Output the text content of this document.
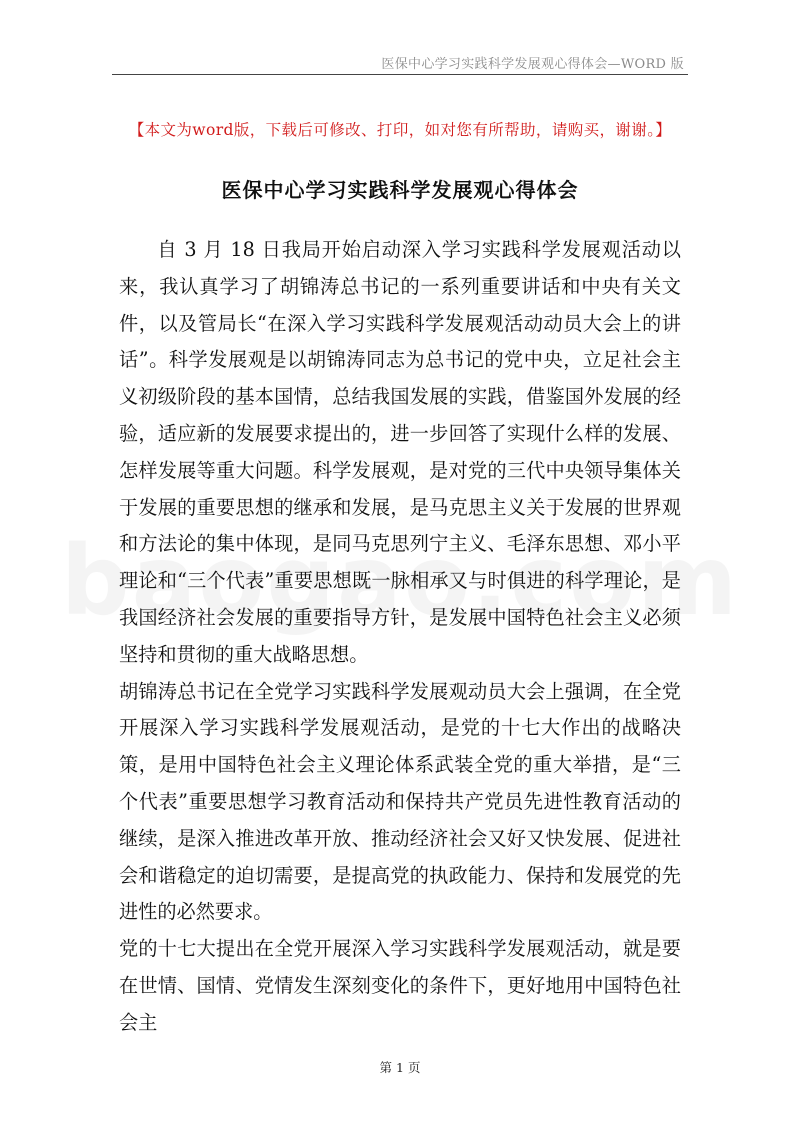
医保中心学习实践科学发展观心得体会—WORD 版
【本文为word版，下载后可修改、打印，如对您有所帮助，请购买，谢谢。】
医保中心学习实践科学发展观心得体会

自 3 月 18 日我局开始启动深入学习实践科学发展观活动以来，我认真学习了胡锦涛总书记的一系列重要讲话和中央有关文件，以及管局长“在深入学习实践科学发展观活动动员大会上的讲话”。科学发展观是以胡锦涛同志为总书记的党中央，立足社会主义初级阶段的基本国情，总结我国发展的实践，借鉴国外发展的经验，适应新的发展要求提出的，进一步回答了实现什么样的发展、怎样发展等重大问题。科学发展观，是对党的三代中央领导集体关于发展的重要思想的继承和发展，是马克思主义关于发展的世界观和方法论的集中体现，是同马克思列宁主义、毛泽东思想、邓小平理论和“三个代表”重要思想既一脉相承又与时俱进的科学理论，是我国经济社会发展的重要指导方针，是发展中国特色社会主义必须坚持和贯彻的重大战略思想。

胡锦涛总书记在全党学习实践科学发展观动员大会上强调，在全党开展深入学习实践科学发展观活动，是党的十七大作出的战略决策，是用中国特色社会主义理论体系武装全党的重大举措，是“三个代表”重要思想学习教育活动和保持共产党员先进性教育活动的继续，是深入推进改革开放、推动经济社会又好又快发展、促进社会和谐稳定的迫切需要，是提高党的执政能力、保持和发展党的先进性的必然要求。

党的十七大提出在全党开展深入学习实践科学发展观活动，就是要在世情、国情、党情发生深刻变化的条件下，更好地用中国特色社会主

第 1 页
